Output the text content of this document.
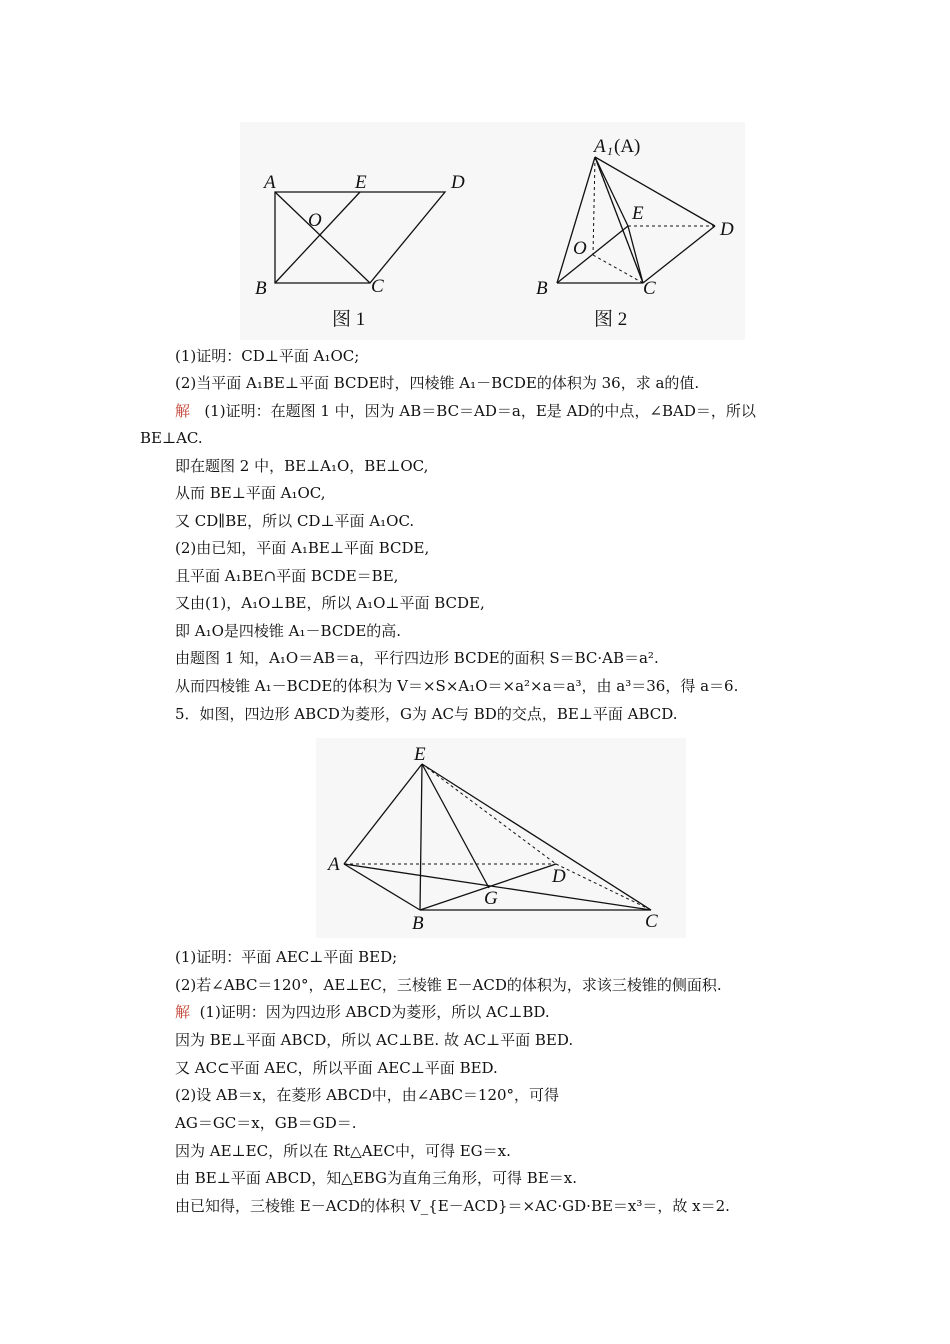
A	E	D
O
B	C
图 1
A 1 (A)
E
D
O
B	C
图 2
(1)证明：CD⊥平面 A₁OC;
(2)当平面 A₁BE⊥平面 BCDE时，四棱锥 A₁－BCDE的体积为 36，求 a的值.
解 (1)证明：在题图 1 中，因为 AB＝BC＝AD＝a，E是 AD的中点，∠BAD＝，所以
BE⊥AC.
即在题图 2 中，BE⊥A₁O，BE⊥OC,
从而 BE⊥平面 A₁OC,
又 CD∥BE，所以 CD⊥平面 A₁OC.
(2)由已知，平面 A₁BE⊥平面 BCDE,
且平面 A₁BE∩平面 BCDE＝BE,
又由(1)，A₁O⊥BE，所以 A₁O⊥平面 BCDE,
即 A₁O是四棱锥 A₁－BCDE的高.
由题图 1 知，A₁O＝AB＝a，平行四边形 BCDE的面积 S＝BC·AB＝a².
从而四棱锥 A₁－BCDE的体积为 V＝×S×A₁O＝×a²×a＝a³，由 a³＝36，得 a＝6.
5．如图，四边形 ABCD为菱形，G为 AC与 BD的交点，BE⊥平面 ABCD.
E
A
D
G
B	C
(1)证明：平面 AEC⊥平面 BED;
(2)若∠ABC＝120°，AE⊥EC，三棱锥 E－ACD的体积为，求该三棱锥的侧面积.
解 (1)证明：因为四边形 ABCD为菱形，所以 AC⊥BD.
因为 BE⊥平面 ABCD，所以 AC⊥BE. 故 AC⊥平面 BED.
又 AC⊂平面 AEC，所以平面 AEC⊥平面 BED.
(2)设 AB＝x，在菱形 ABCD中，由∠ABC＝120°，可得
AG＝GC＝x，GB＝GD＝.
因为 AE⊥EC，所以在 Rt△AEC中，可得 EG＝x.
由 BE⊥平面 ABCD，知△EBG为直角三角形，可得 BE＝x.
由已知得，三棱锥 E－ACD的体积 V_{E－ACD}＝×AC·GD·BE＝x³＝，故 x＝2.
